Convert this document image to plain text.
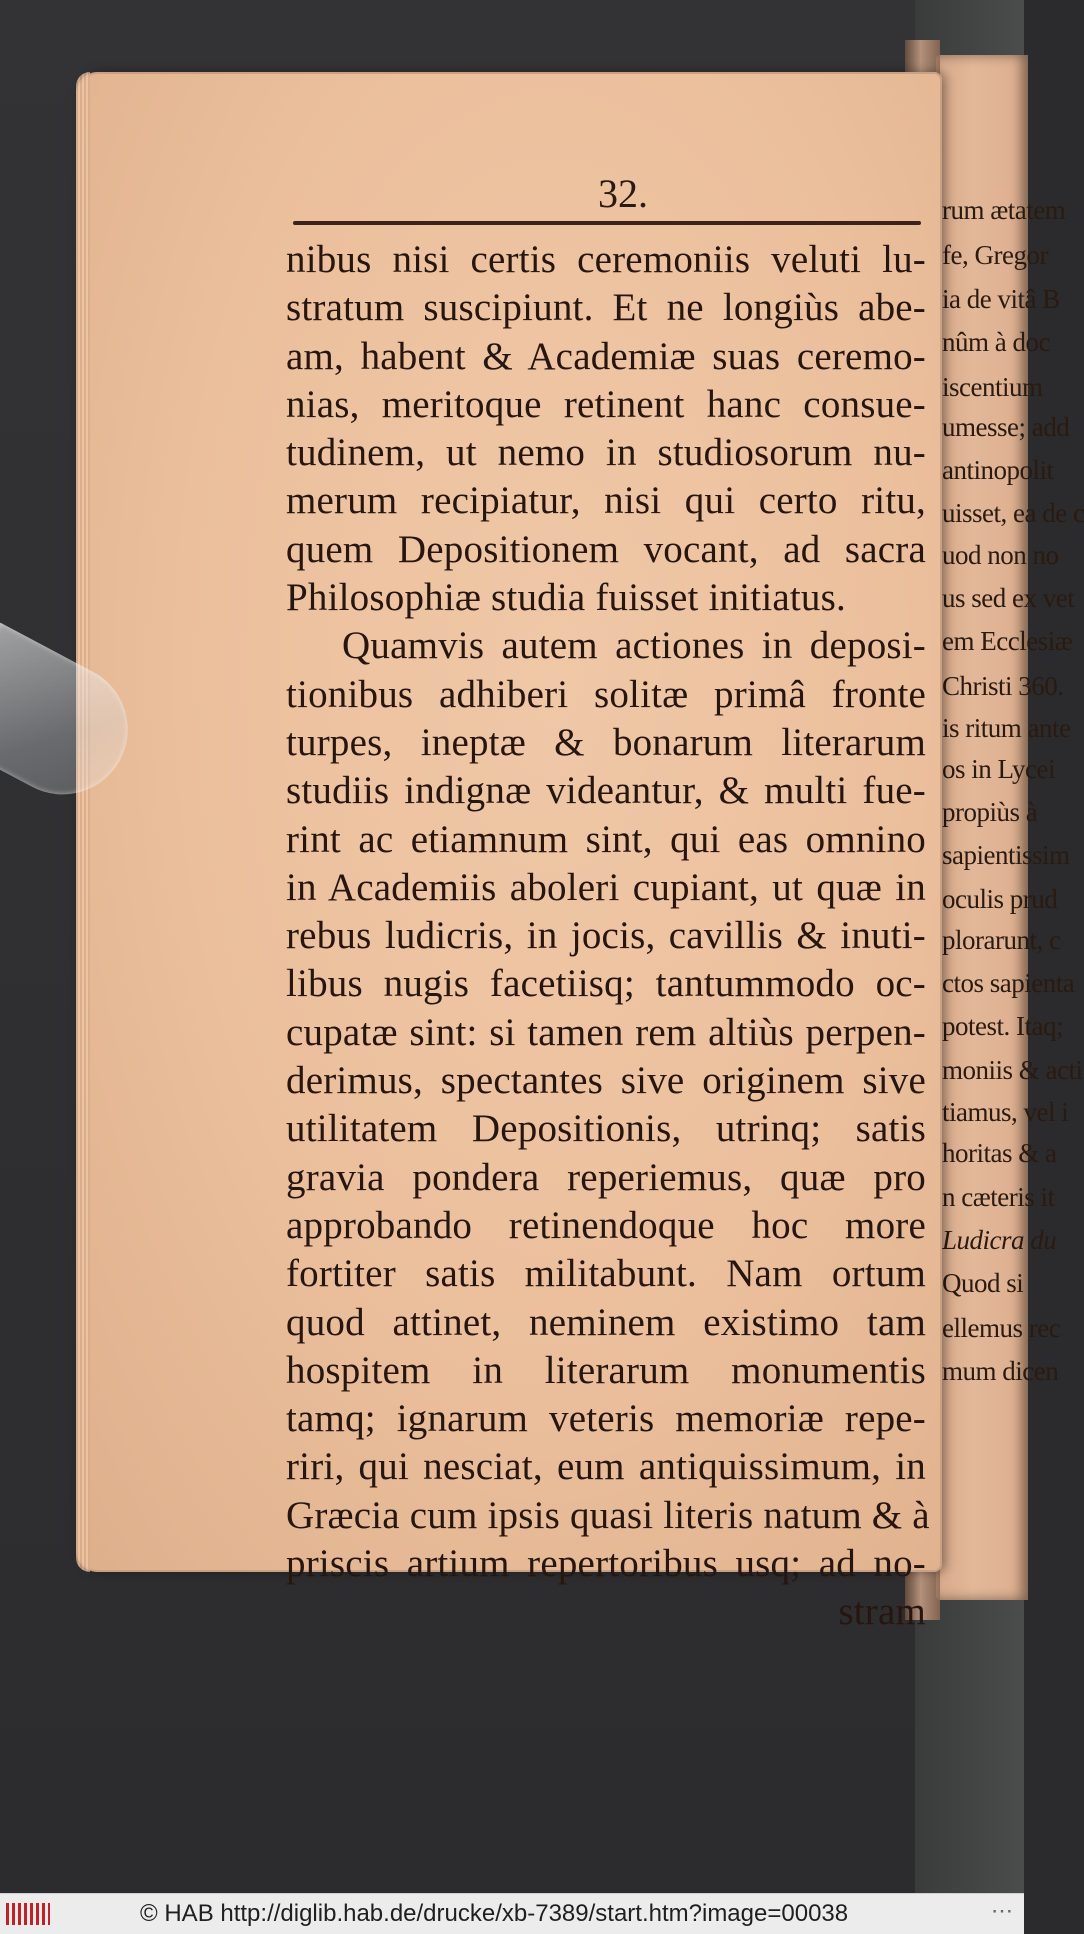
rum ætatem
fe, Gregor
ia de vitâ B
nûm à doc
iscentium
umesse; add
antinopolit
uisset, ea de c
uod non no
us sed ex vet
em Ecclesiæ
Christi 360.
is ritum ante
os in Lycei
propiùs à
sapientissim
oculis prud
plorarunt, c
ctos sapienta
potest. Itaq;
moniis & acti
tiamus, vel i
horitas & a
n cæteris it
Ludicra du
Quod si
ellemus rec
mum dicen
32.
nibus nisi certis ceremoniis veluti lu-
stratum suscipiunt. Et ne longiùs abe-
am, habent & Academiæ suas ceremo-
nias, meritoque retinent hanc consue-
tudinem, ut nemo in studiosorum nu-
merum recipiatur, nisi qui certo ritu,
quem Depositionem vocant, ad sacra
Philosophiæ studia fuisset initiatus.
Quamvis autem actiones in deposi-
tionibus adhiberi solitæ primâ fronte
turpes, ineptæ & bonarum literarum
studiis indignæ videantur, & multi fue-
rint ac etiamnum sint, qui eas omnino
in Academiis aboleri cupiant, ut quæ in
rebus ludicris, in jocis, cavillis & inuti-
libus nugis facetiisq; tantummodo oc-
cupatæ sint: si tamen rem altiùs perpen-
derimus, spectantes sive originem sive
utilitatem Depositionis, utrinq; satis
gravia pondera reperiemus, quæ pro
approbando retinendoque hoc more
fortiter satis militabunt. Nam ortum
quod attinet, neminem existimo tam
hospitem in literarum monumentis
tamq; ignarum veteris memoriæ repe-
riri, qui nesciat, eum antiquissimum, in
Græcia cum ipsis quasi literis natum & à
priscis artium repertoribus usq; ad no-
stram
© HAB http://diglib.hab.de/drucke/xb-7389/start.htm?image=00038	⋯
